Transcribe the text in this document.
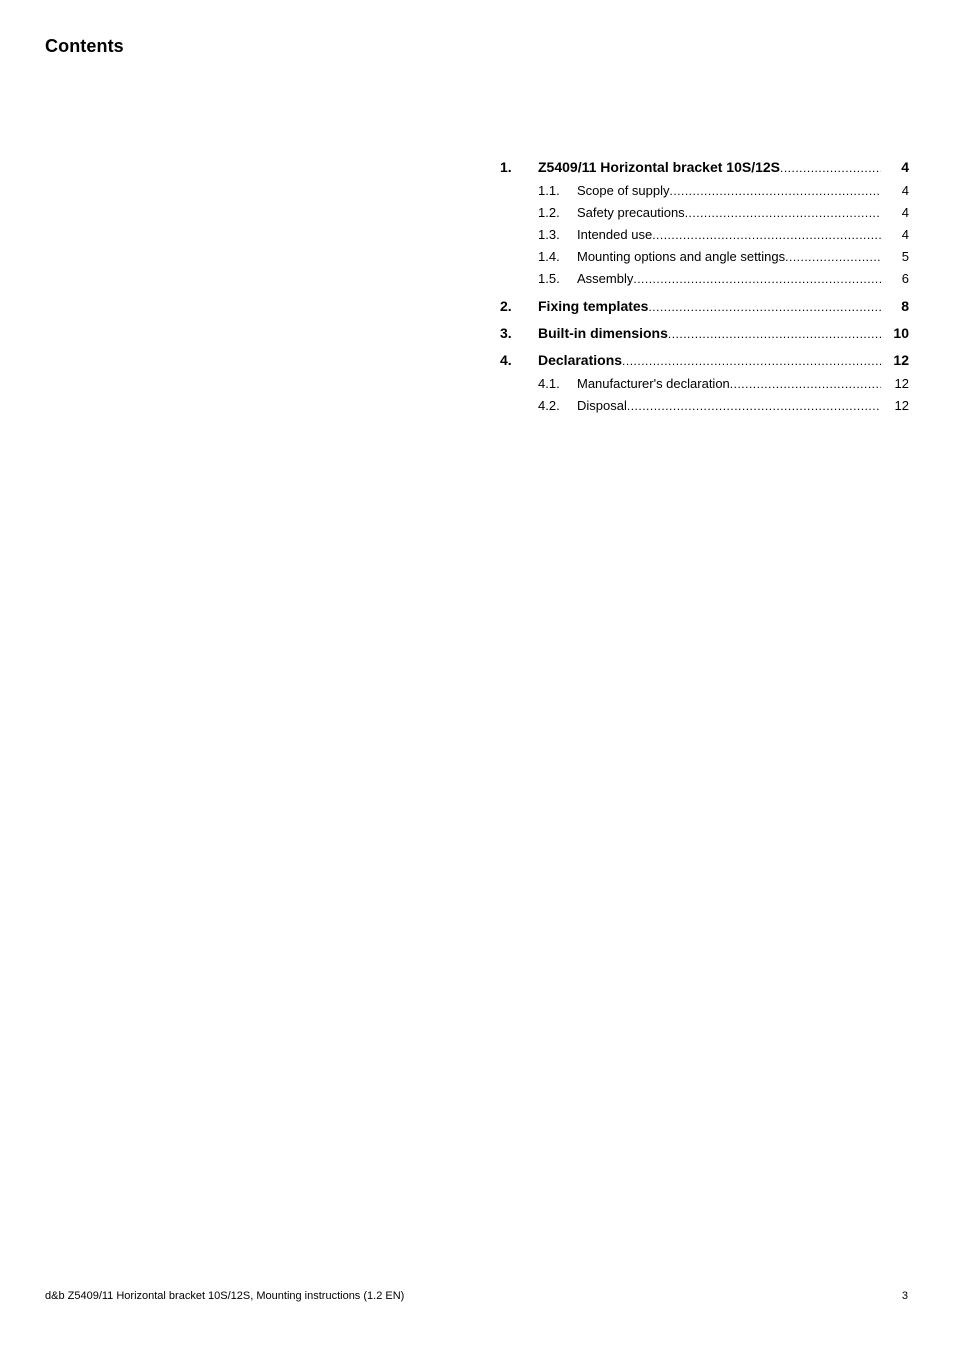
Contents
1.	Z5409/11 Horizontal bracket 10S/12S .....	4
1.1.	Scope of supply .....	4
1.2.	Safety precautions .....	4
1.3.	Intended use .....	4
1.4.	Mounting options and angle settings .....	5
1.5.	Assembly .....	6
2.	Fixing templates .....	8
3.	Built-in dimensions .....	10
4.	Declarations .....	12
4.1.	Manufacturer's declaration .....	12
4.2.	Disposal .....	12
d&b Z5409/11 Horizontal bracket 10S/12S, Mounting instructions (1.2 EN)	3
